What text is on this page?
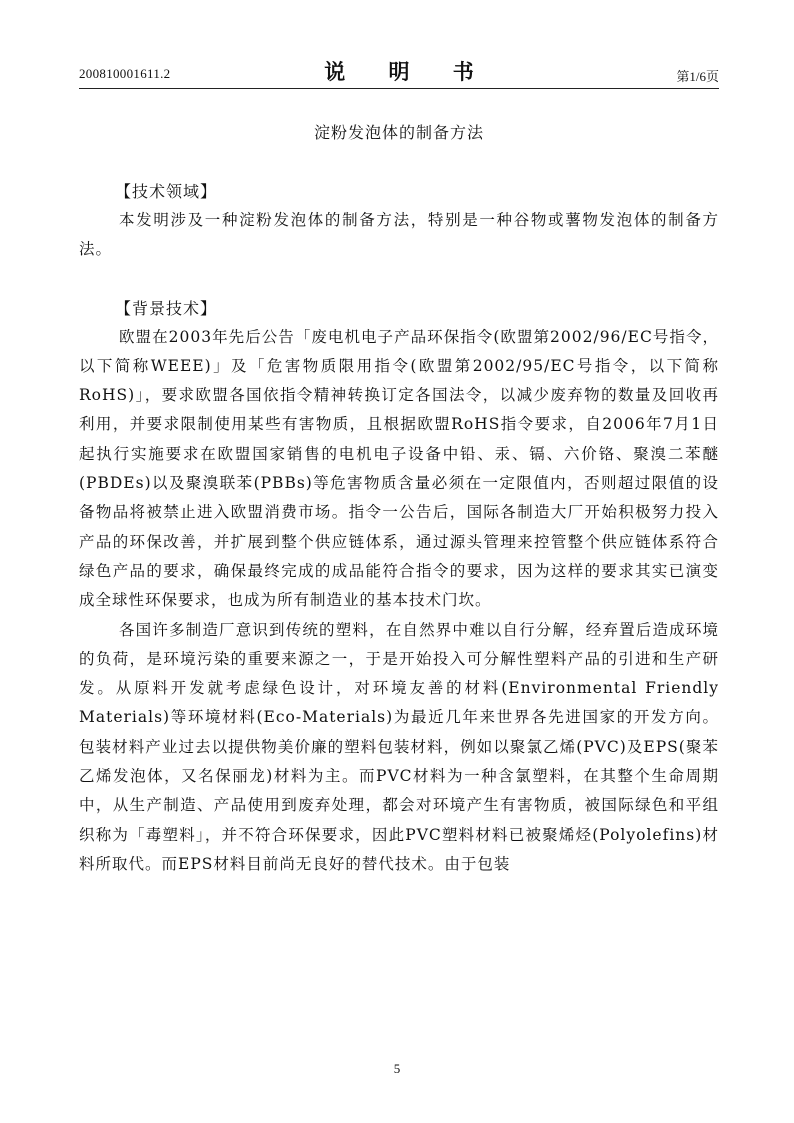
200810001611.2	说 明 书	第1/6页

淀粉发泡体的制备方法

【技术领域】

本发明涉及一种淀粉发泡体的制备方法，特别是一种谷物或薯物发泡体的制备方法。

【背景技术】

欧盟在2003年先后公告「废电机电子产品环保指令(欧盟第2002/96/EC号指令，以下简称WEEE)」及「危害物质限用指令(欧盟第2002/95/EC号指令，以下简称RoHS)」，要求欧盟各国依指令精神转换订定各国法令，以减少废弃物的数量及回收再利用，并要求限制使用某些有害物质，且根据欧盟RoHS指令要求，自2006年7月1日起执行实施要求在欧盟国家销售的电机电子设备中铅、汞、镉、六价铬、聚溴二苯醚(PBDEs)以及聚溴联苯(PBBs)等危害物质含量必须在一定限值内，否则超过限值的设备物品将被禁止进入欧盟消费市场。指令一公告后，国际各制造大厂开始积极努力投入产品的环保改善，并扩展到整个供应链体系，通过源头管理来控管整个供应链体系符合绿色产品的要求，确保最终完成的成品能符合指令的要求，因为这样的要求其实已演变成全球性环保要求，也成为所有制造业的基本技术门坎。

各国许多制造厂意识到传统的塑料，在自然界中难以自行分解，经弃置后造成环境的负荷，是环境污染的重要来源之一，于是开始投入可分解性塑料产品的引进和生产研发。从原料开发就考虑绿色设计，对环境友善的材料(Environmental Friendly Materials)等环境材料(Eco-Materials)为最近几年来世界各先进国家的开发方向。包装材料产业过去以提供物美价廉的塑料包装材料，例如以聚氯乙烯(PVC)及EPS(聚苯乙烯发泡体，又名保丽龙)材料为主。而PVC材料为一种含氯塑料，在其整个生命周期中，从生产制造、产品使用到废弃处理，都会对环境产生有害物质，被国际绿色和平组织称为「毒塑料」，并不符合环保要求，因此PVC塑料材料已被聚烯烃(Polyolefins)材料所取代。而EPS材料目前尚无良好的替代技术。由于包装

5
